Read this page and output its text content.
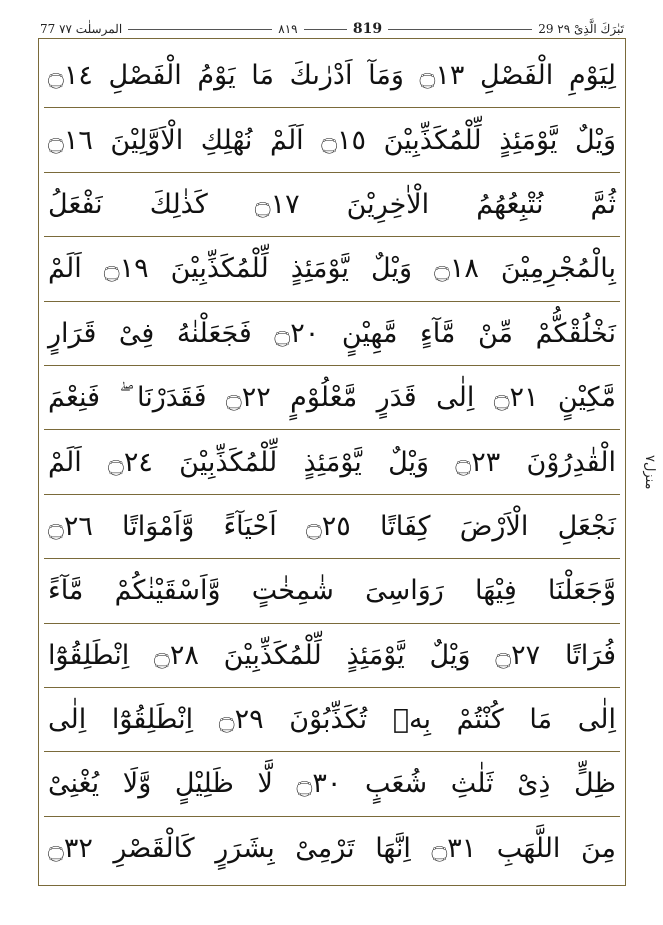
77 المرسلٰت ۷۷	۸۱۹	819	29 تَبٰرَكَ الَّذِىْ ۲۹
لِيَوْمِ الْفَصْلِ ۝١٣ وَمَآ اَدْرٰىكَ مَا يَوْمُ الْفَصْلِ ۝١٤
وَيْلٌ يَّوْمَئِذٍ لِّلْمُكَذِّبِيْنَ ۝١٥ اَلَمْ نُهْلِكِ الْاَوَّلِيْنَ ۝١٦
ثُمَّ نُتْبِعُهُمُ الْاٰخِرِيْنَ ۝١٧ كَذٰلِكَ نَفْعَلُ
بِالْمُجْرِمِيْنَ ۝١٨ وَيْلٌ يَّوْمَئِذٍ لِّلْمُكَذِّبِيْنَ ۝١٩ اَلَمْ
نَخْلُقْكُّمْ مِّنْ مَّآءٍ مَّهِيْنٍ ۝٢٠ فَجَعَلْنٰهُ فِىْ قَرَارٍ
مَّكِيْنٍ ۝٢١ اِلٰى قَدَرٍ مَّعْلُوْمٍ ۝٢٢ فَقَدَرْنَا ۖ فَنِعْمَ
الْقٰدِرُوْنَ ۝٢٣ وَيْلٌ يَّوْمَئِذٍ لِّلْمُكَذِّبِيْنَ ۝٢٤ اَلَمْ
نَجْعَلِ الْاَرْضَ كِفَاتًا ۝٢٥ اَحْيَآءً وَّاَمْوَاتًا ۝٢٦
وَّجَعَلْنَا فِيْهَا رَوَاسِىَ شٰمِخٰتٍ وَّاَسْقَيْنٰكُمْ مَّآءً
فُرَاتًا ۝٢٧ وَيْلٌ يَّوْمَئِذٍ لِّلْمُكَذِّبِيْنَ ۝٢٨ اِنْطَلِقُوْٓا
اِلٰى مَا كُنْتُمْ بِهٖ تُكَذِّبُوْنَ ۝٢٩ اِنْطَلِقُوْٓا اِلٰى
ظِلٍّ ذِىْ ثَلٰثِ شُعَبٍ ۝٣٠ لَّا ظَلِيْلٍ وَّلَا يُغْنِىْ
مِنَ اللَّهَبِ ۝٣١ اِنَّهَا تَرْمِىْ بِشَرَرٍ كَالْقَصْرِ ۝٣٢
منزل۷
